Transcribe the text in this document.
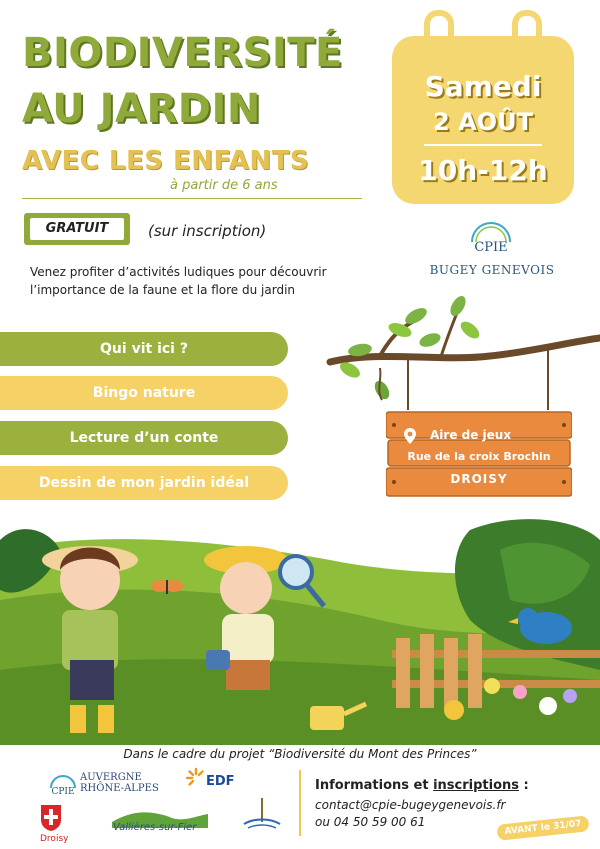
BIODIVERSITÉ
AU JARDIN
AVEC LES ENFANTS
à partir de 6 ans
GRATUIT	(sur inscription)
Venez profiter d’activités ludiques pour découvrir l’importance de la faune et la flore du jardin
Samedi
2 AOÛT
10h-12h
CPIE
BUGEY GENEVOIS
Qui vit ici ?
Bingo nature
Lecture d’un conte
Dessin de mon jardin idéal
Aire de jeux
Rue de la croix Brochin
DROISY
Dans le cadre du projet “Biodiversité du Mont des Princes”
CPIE
AUVERGNE
RHÔNE-ALPES	EDF
Droisy
Vallières-sur-Fier
Informations et inscriptions :
contact@cpie-bugeygenevois.fr
ou 04 50 59 00 61	AVANT le 31/07
